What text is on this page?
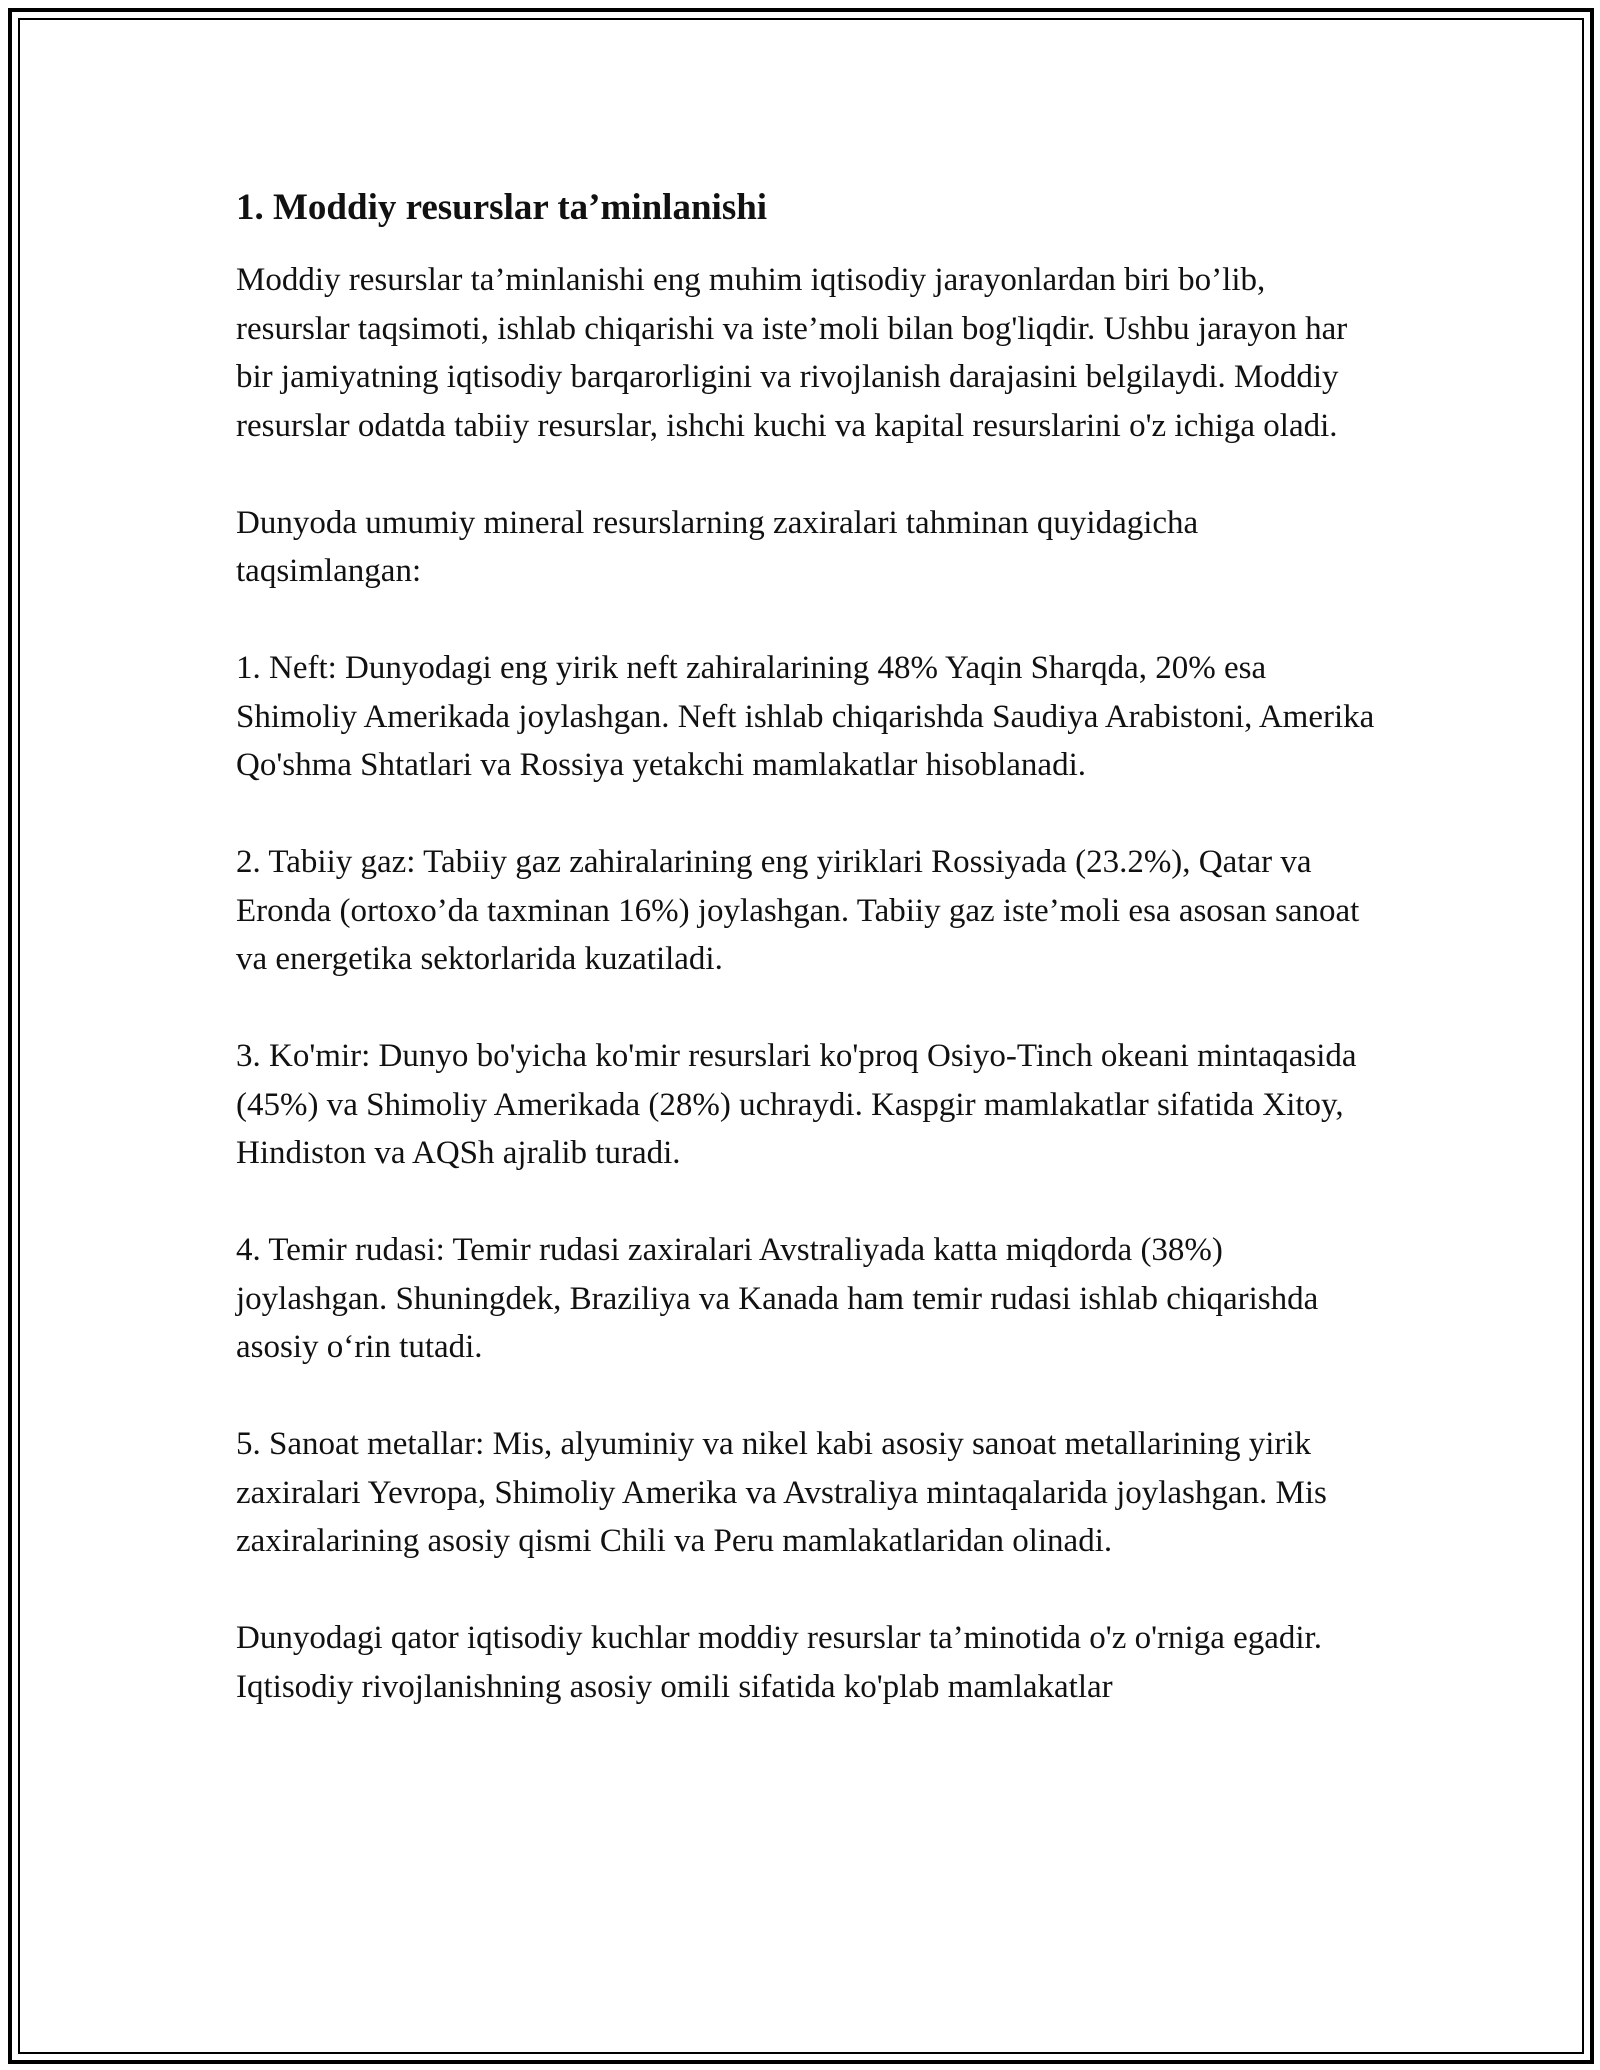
1. Moddiy resurslar ta’minlanishi

Moddiy resurslar ta’minlanishi eng muhim iqtisodiy jarayonlardan biri bo’lib, resurslar taqsimoti, ishlab chiqarishi va iste’moli bilan bog'liqdir. Ushbu jarayon har bir jamiyatning iqtisodiy barqarorligini va rivojlanish darajasini belgilaydi. Moddiy resurslar odatda tabiiy resurslar, ishchi kuchi va kapital resurslarini o'z ichiga oladi.

Dunyoda umumiy mineral resurslarning zaxiralari tahminan quyidagicha taqsimlangan:

1. Neft: Dunyodagi eng yirik neft zahiralarining 48% Yaqin Sharqda, 20% esa Shimoliy Amerikada joylashgan. Neft ishlab chiqarishda Saudiya Arabistoni, Amerika Qo'shma Shtatlari va Rossiya yetakchi mamlakatlar hisoblanadi.

2. Tabiiy gaz: Tabiiy gaz zahiralarining eng yiriklari Rossiyada (23.2%), Qatar va Eronda (ortoxo’da taxminan 16%) joylashgan. Tabiiy gaz iste’moli esa asosan sanoat va energetika sektorlarida kuzatiladi.

3. Ko'mir: Dunyo bo'yicha ko'mir resurslari ko'proq Osiyo-Tinch okeani mintaqasida (45%) va Shimoliy Amerikada (28%) uchraydi. Kaspgir mamlakatlar sifatida Xitoy, Hindiston va AQSh ajralib turadi.

4. Temir rudasi: Temir rudasi zaxiralari Avstraliyada katta miqdorda (38%) joylashgan. Shuningdek, Braziliya va Kanada ham temir rudasi ishlab chiqarishda asosiy o‘rin tutadi.

5. Sanoat metallar: Mis, alyuminiy va nikel kabi asosiy sanoat metallarining yirik zaxiralari Yevropa, Shimoliy Amerika va Avstraliya mintaqalarida joylashgan. Mis zaxiralarining asosiy qismi Chili va Peru mamlakatlaridan olinadi.

Dunyodagi qator iqtisodiy kuchlar moddiy resurslar ta’minotida o'z o'rniga egadir. Iqtisodiy rivojlanishning asosiy omili sifatida ko'plab mamlakatlar
